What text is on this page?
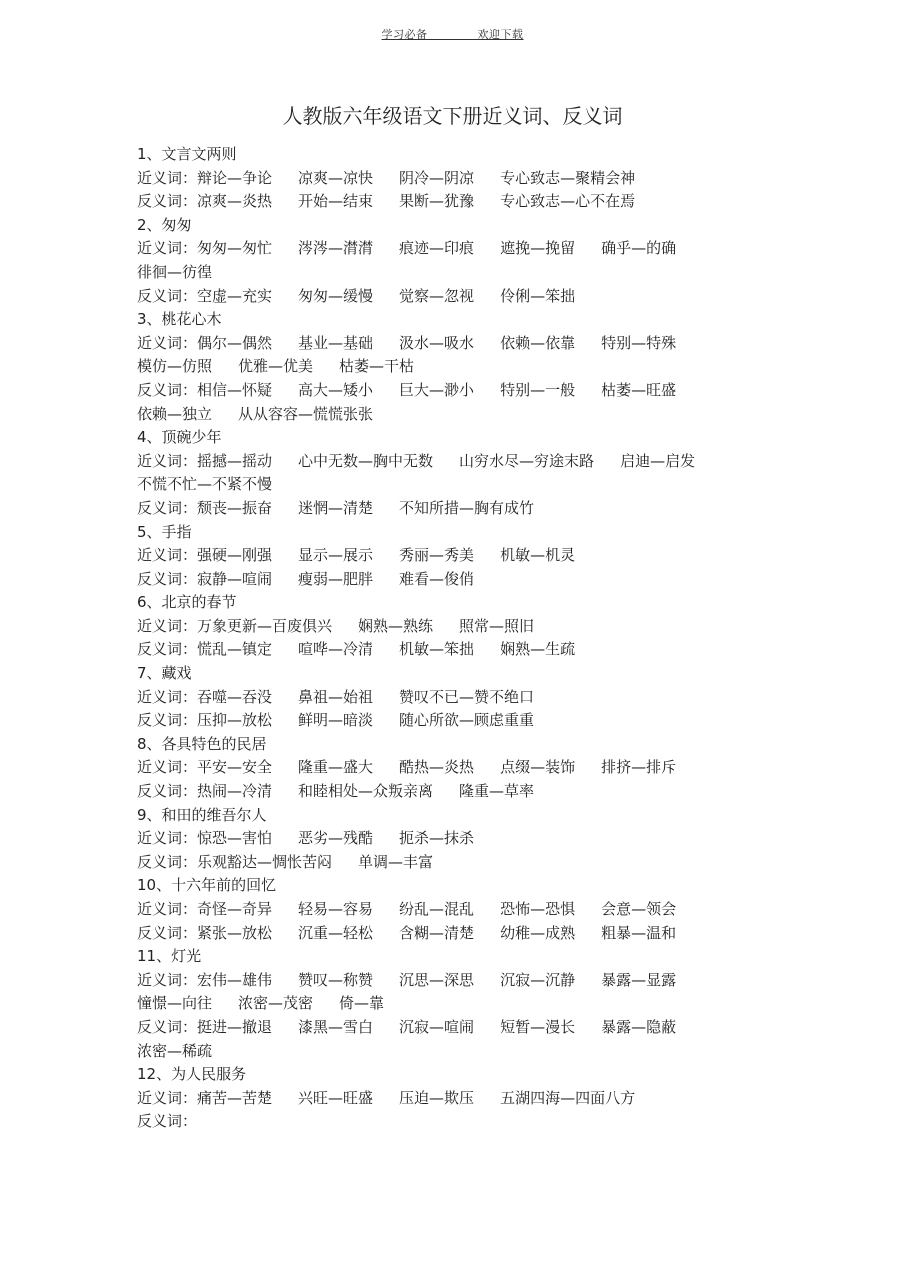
学习必备 ＿＿＿＿欢迎下载
人教版六年级语文下册近义词、反义词
1、文言文两则
近义词：辩论—争论 凉爽—凉快 阴冷—阴凉 专心致志—聚精会神
反义词：凉爽—炎热 开始—结束 果断—犹豫 专心致志—心不在焉
2、匆匆
近义词：匆匆—匆忙 涔涔—潸潸 痕迹—印痕 遮挽—挽留 确乎—的确
徘徊—彷徨
反义词：空虚—充实 匆匆—缓慢 觉察—忽视 伶俐—笨拙
3、桃花心木
近义词：偶尔—偶然 基业—基础 汲水—吸水 依赖—依靠 特别—特殊
模仿—仿照 优雅—优美 枯萎—干枯
反义词：相信—怀疑 高大—矮小 巨大—渺小 特别—一般 枯萎—旺盛
依赖—独立 从从容容—慌慌张张
4、顶碗少年
近义词：摇撼—摇动 心中无数—胸中无数 山穷水尽—穷途末路 启迪—启发
不慌不忙—不紧不慢
反义词：颓丧—振奋 迷惘—清楚 不知所措—胸有成竹
5、手指
近义词：强硬—刚强 显示—展示 秀丽—秀美 机敏—机灵
反义词：寂静—喧闹 瘦弱—肥胖 难看—俊俏
6、北京的春节
近义词：万象更新—百废俱兴 娴熟—熟练 照常—照旧
反义词：慌乱—镇定 喧哗—冷清 机敏—笨拙 娴熟—生疏
7、藏戏
近义词：吞噬—吞没 鼻祖—始祖 赞叹不已—赞不绝口
反义词：压抑—放松 鲜明—暗淡 随心所欲—顾虑重重
8、各具特色的民居
近义词：平安—安全 隆重—盛大 酷热—炎热 点缀—装饰 排挤—排斥
反义词：热闹—冷清 和睦相处—众叛亲离 隆重—草率
9、和田的维吾尔人
近义词：惊恐—害怕 恶劣—残酷 扼杀—抹杀
反义词：乐观豁达—惆怅苦闷 单调—丰富
10、十六年前的回忆
近义词：奇怪—奇异 轻易—容易 纷乱—混乱 恐怖—恐惧 会意—领会
反义词：紧张—放松 沉重—轻松 含糊—清楚 幼稚—成熟 粗暴—温和
11、灯光
近义词：宏伟—雄伟 赞叹—称赞 沉思—深思 沉寂—沉静 暴露—显露
憧憬—向往 浓密—茂密 倚—靠
反义词：挺进—撤退 漆黑—雪白 沉寂—喧闹 短暂—漫长 暴露—隐蔽
浓密—稀疏
12、为人民服务
近义词：痛苦—苦楚 兴旺—旺盛 压迫—欺压 五湖四海—四面八方
反义词：
